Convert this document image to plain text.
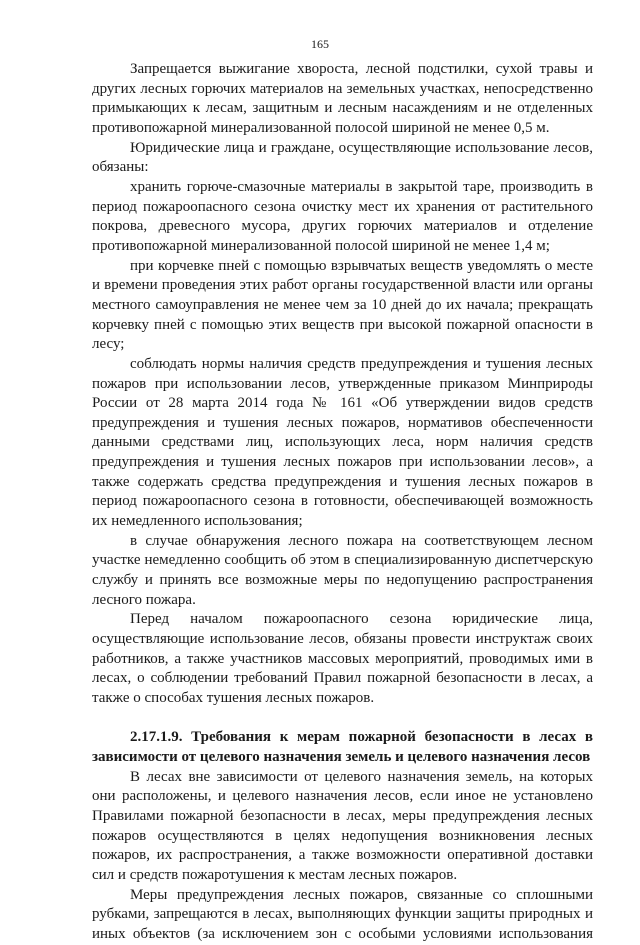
165

Запрещается выжигание хвороста, лесной подстилки, сухой травы и других лесных горючих материалов на земельных участках, непосредственно примыкающих к лесам, защитным и лесным насаждениям и не отделенных противопожарной минерализованной полосой шириной не менее 0,5 м.

Юридические лица и граждане, осуществляющие использование лесов, обязаны:

хранить горюче-смазочные материалы в закрытой таре, производить в период пожароопасного сезона очистку мест их хранения от растительного покрова, древесного мусора, других горючих материалов и отделение противопожарной минерализованной полосой шириной не менее 1,4 м;

при корчевке пней с помощью взрывчатых веществ уведомлять о месте и времени проведения этих работ органы государственной власти или органы местного самоуправления не менее чем за 10 дней до их начала; прекращать корчевку пней с помощью этих веществ при высокой пожарной опасности в лесу;

соблюдать нормы наличия средств предупреждения и тушения лесных пожаров при использовании лесов, утвержденные приказом Минприроды России от 28 марта 2014 года № 161 «Об утверждении видов средств предупреждения и тушения лесных пожаров, нормативов обеспеченности данными средствами лиц, использующих леса, норм наличия средств предупреждения и тушения лесных пожаров при использовании лесов», а также содержать средства предупреждения и тушения лесных пожаров в период пожароопасного сезона в готовности, обеспечивающей возможность их немедленного использования;

в случае обнаружения лесного пожара на соответствующем лесном участке немедленно сообщить об этом в специализированную диспетчерскую службу и принять все возможные меры по недопущению распространения лесного пожара.

Перед началом пожароопасного сезона юридические лица, осуществляющие использование лесов, обязаны провести инструктаж своих работников, а также участников массовых мероприятий, проводимых ими в лесах, о соблюдении требований Правил пожарной безопасности в лесах, а также о способах тушения лесных пожаров.

2.17.1.9. Требования к мерам пожарной безопасности в лесах в зависимости от целевого назначения земель и целевого назначения лесов

В лесах вне зависимости от целевого назначения земель, на которых они расположены, и целевого назначения лесов, если иное не установлено Правилами пожарной безопасности в лесах, меры предупреждения лесных пожаров осуществляются в целях недопущения возникновения лесных пожаров, их распространения, а также возможности оперативной доставки сил и средств пожаротушения к местам лесных пожаров.

Меры предупреждения лесных пожаров, связанные со сплошными рубками, запрещаются в лесах, выполняющих функции защиты природных и иных объектов (за исключением зон с особыми условиями использования
